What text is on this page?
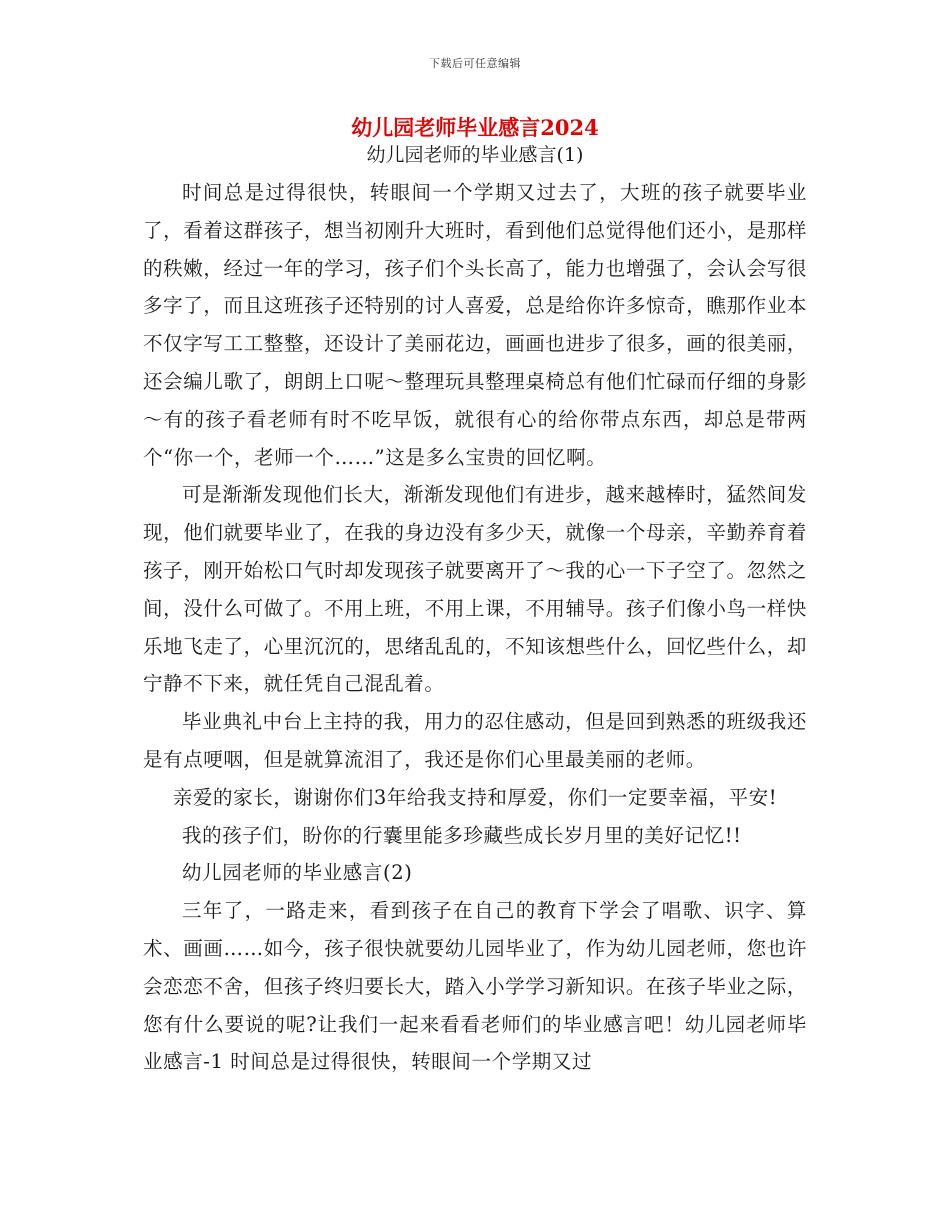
下载后可任意编辑
幼儿园老师毕业感言2024
幼儿园老师的毕业感言(1)

时间总是过得很快，转眼间一个学期又过去了，大班的孩子就要毕业了，看着这群孩子，想当初刚升大班时，看到他们总觉得他们还小，是那样的秩嫩，经过一年的学习，孩子们个头长高了，能力也增强了，会认会写很多字了，而且这班孩子还特别的讨人喜爱，总是给你许多惊奇，瞧那作业本不仅字写工工整整，还设计了美丽花边，画画也进步了很多，画的很美丽，还会编儿歌了，朗朗上口呢～整理玩具整理桌椅总有他们忙碌而仔细的身影～有的孩子看老师有时不吃早饭，就很有心的给你带点东西，却总是带两个“你一个，老师一个……”这是多么宝贵的回忆啊。

可是渐渐发现他们长大，渐渐发现他们有进步，越来越棒时，猛然间发现，他们就要毕业了，在我的身边没有多少天，就像一个母亲，辛勤养育着孩子，刚开始松口气时却发现孩子就要离开了～我的心一下子空了。忽然之间，没什么可做了。不用上班，不用上课，不用辅导。孩子们像小鸟一样快乐地飞走了，心里沉沉的，思绪乱乱的，不知该想些什么，回忆些什么，却宁静不下来，就任凭自己混乱着。

毕业典礼中台上主持的我，用力的忍住感动，但是回到熟悉的班级我还是有点哽咽，但是就算流泪了，我还是你们心里最美丽的老师。

亲爱的家长，谢谢你们3年给我支持和厚爱，你们一定要幸福，平安!

我的孩子们，盼你的行囊里能多珍藏些成长岁月里的美好记忆!!

幼儿园老师的毕业感言(2)

三年了，一路走来，看到孩子在自己的教育下学会了唱歌、识字、算术、画画……如今，孩子很快就要幼儿园毕业了，作为幼儿园老师，您也许会恋恋不舍，但孩子终归要长大，踏入小学学习新知识。在孩子毕业之际，您有什么要说的呢?让我们一起来看看老师们的毕业感言吧！幼儿园老师毕业感言-1 时间总是过得很快，转眼间一个学期又过
